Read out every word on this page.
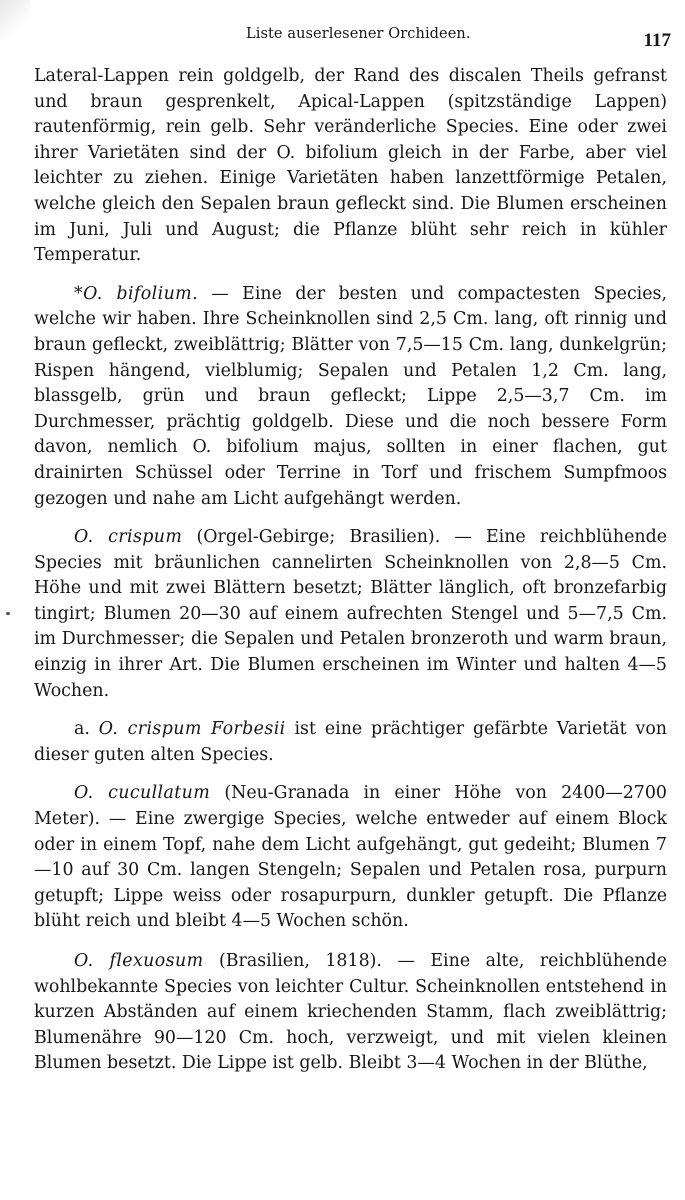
Liste auserlesener Orchideen.	117

Lateral-Lappen rein goldgelb, der Rand des discalen Theils gefranst und braun gesprenkelt, Apical-Lappen (spitzständige Lappen) rautenförmig, rein gelb. Sehr veränderliche Species. Eine oder zwei ihrer Varietäten sind der O. bifolium gleich in der Farbe, aber viel leichter zu ziehen. Einige Varietäten haben lanzettförmige Petalen, welche gleich den Sepalen braun gefleckt sind. Die Blumen erscheinen im Juni, Juli und August; die Pflanze blüht sehr reich in kühler Temperatur.

*O. bifolium. — Eine der besten und compactesten Species, welche wir haben. Ihre Scheinknollen sind 2,5 Cm. lang, oft rinnig und braun gefleckt, zweiblättrig; Blätter von 7,5—15 Cm. lang, dunkelgrün; Rispen hängend, vielblumig; Sepalen und Petalen 1,2 Cm. lang, blassgelb, grün und braun gefleckt; Lippe 2,5—3,7 Cm. im Durchmesser, prächtig goldgelb. Diese und die noch bessere Form davon, nemlich O. bifolium majus, sollten in einer flachen, gut drainirten Schüssel oder Terrine in Torf und frischem Sumpfmoos gezogen und nahe am Licht aufgehängt werden.

O. crispum (Orgel-Gebirge; Brasilien). — Eine reichblühende Species mit bräunlichen cannelirten Scheinknollen von 2,8—5 Cm. Höhe und mit zwei Blättern besetzt; Blätter länglich, oft bronzefarbig tingirt; Blumen 20—30 auf einem aufrechten Stengel und 5—7,5 Cm. im Durchmesser; die Sepalen und Petalen bronzeroth und warm braun, einzig in ihrer Art. Die Blumen erscheinen im Winter und halten 4—5 Wochen.

a. O. crispum Forbesii ist eine prächtiger gefärbte Varietät von dieser guten alten Species.

O. cucullatum (Neu-Granada in einer Höhe von 2400—2700 Meter). — Eine zwergige Species, welche entweder auf einem Block oder in einem Topf, nahe dem Licht aufgehängt, gut gedeiht; Blumen 7—10 auf 30 Cm. langen Stengeln; Sepalen und Petalen rosa, purpurn getupft; Lippe weiss oder rosapurpurn, dunkler getupft. Die Pflanze blüht reich und bleibt 4—5 Wochen schön.

O. flexuosum (Brasilien, 1818). — Eine alte, reichblühende wohlbekannte Species von leichter Cultur. Scheinknollen entstehend in kurzen Abständen auf einem kriechenden Stamm, flach zweiblättrig; Blumenähre 90—120 Cm. hoch, verzweigt, und mit vielen kleinen Blumen besetzt. Die Lippe ist gelb. Bleibt 3—4 Wochen in der Blüthe,
